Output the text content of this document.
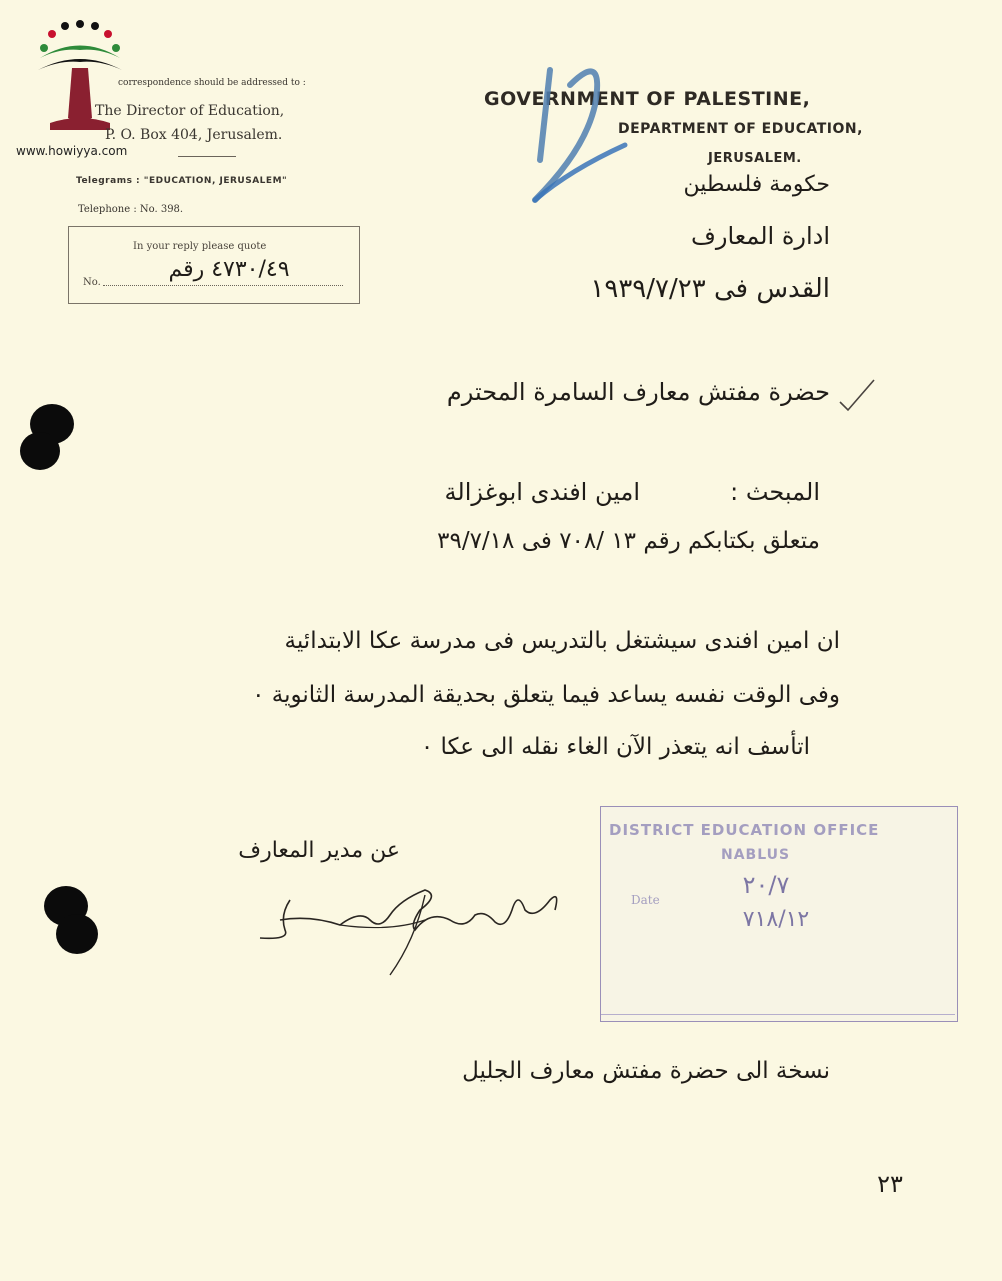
www.howiyya.com
correspondence should be addressed to :
The Director of Education,
P. O. Box 404, Jerusalem.
Telegrams : "EDUCATION, JERUSALEM"
Telephone : No. 398.
In your reply please quote
No.
٤٧٣٠/٤٩ رقم
GOVERNMENT OF PALESTINE,
DEPARTMENT OF EDUCATION,
JERUSALEM.
حكومة فلسطين
ادارة المعارف
القدس فى ١٩٣٩/٧/٢٣
حضرة مفتش معارف السامرة المحترم
المبحث :
امين افندى ابوغزالة
متعلق بكتابكم رقم ١٣ /٧٠٨ فى ٣٩/٧/١٨
ان امين افندى سيشتغل بالتدريس فى مدرسة عكا الابتدائية
وفى الوقت نفسه يساعد فيما يتعلق بحديقة المدرسة الثانوية ٠
اتأسف انه يتعذر الآن الغاء نقله الى عكا ٠
عن مدير المعارف
DISTRICT EDUCATION OFFICE
NABLUS
Date
٢٠/٧
٧١٨/١٢
نسخة الى حضرة مفتش معارف الجليل
٢٣
